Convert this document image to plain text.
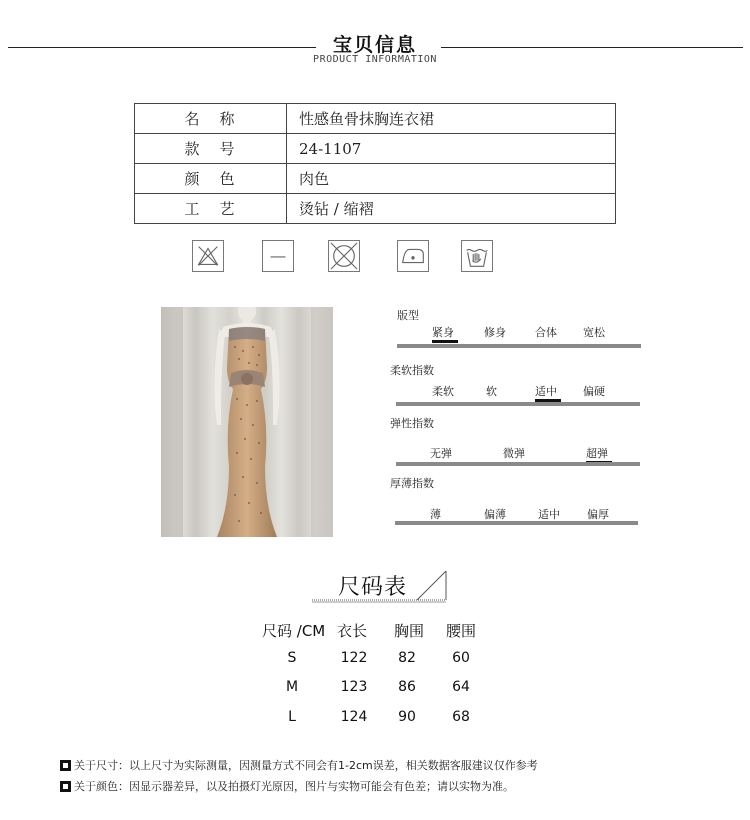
宝贝信息
PRODUCT INFORMATION
名称	性感鱼骨抹胸连衣裙
款号	24-1107
颜色	肉色
工艺	烫钻 / 缩褶
版型
紧身	修身	合体 宽松
柔软指数
柔软	软	适中 偏硬
弹性指数
无弹	微弹	超弹
厚薄指数
薄	偏薄	适中 偏厚
尺码表
尺码 /CM 衣长 胸围 腰围
S	122	82	60
M	123	86	64
L	124	90	68
关于尺寸：以上尺寸为实际测量，因测量方式不同会有1-2cm误差，相关数据客服建议仅作参考
关于颜色：因显示器差异，以及拍摄灯光原因，图片与实物可能会有色差；请以实物为准。
